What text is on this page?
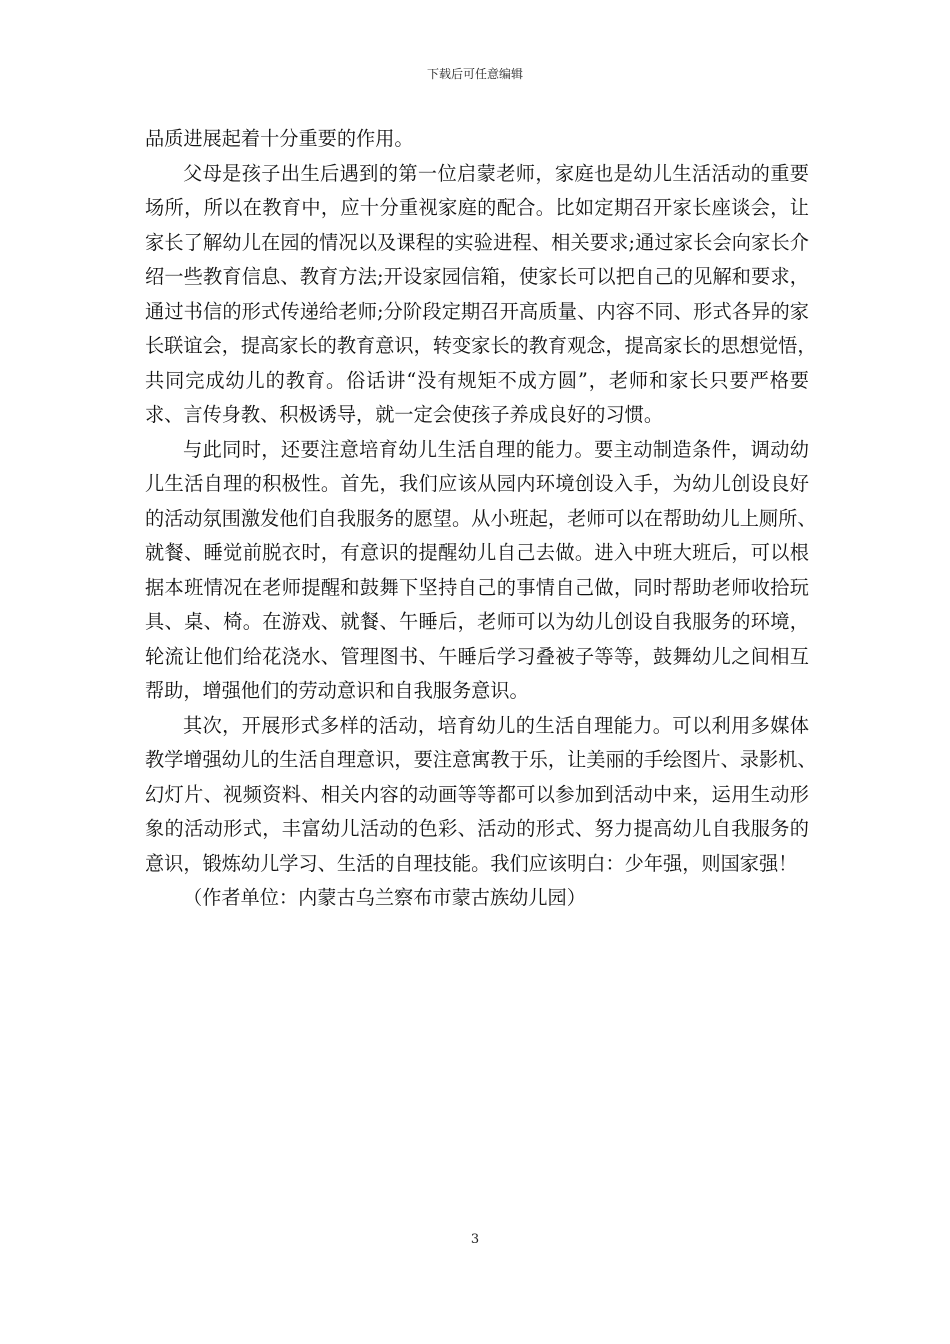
下载后可任意编辑
品质进展起着十分重要的作用。
父母是孩子出生后遇到的第一位启蒙老师，家庭也是幼儿生活活动的重要
场所，所以在教育中，应十分重视家庭的配合。比如定期召开家长座谈会，让
家长了解幼儿在园的情况以及课程的实验进程、相关要求;通过家长会向家长介
绍一些教育信息、教育方法;开设家园信箱，使家长可以把自己的见解和要求，
通过书信的形式传递给老师;分阶段定期召开高质量、内容不同、形式各异的家
长联谊会，提高家长的教育意识，转变家长的教育观念，提高家长的思想觉悟，
共同完成幼儿的教育。俗话讲“没有规矩不成方圆”，老师和家长只要严格要
求、言传身教、积极诱导，就一定会使孩子养成良好的习惯。
与此同时，还要注意培育幼儿生活自理的能力。要主动制造条件，调动幼
儿生活自理的积极性。首先，我们应该从园内环境创设入手，为幼儿创设良好
的活动氛围激发他们自我服务的愿望。从小班起，老师可以在帮助幼儿上厕所、
就餐、睡觉前脱衣时，有意识的提醒幼儿自己去做。进入中班大班后，可以根
据本班情况在老师提醒和鼓舞下坚持自己的事情自己做，同时帮助老师收拾玩
具、桌、椅。在游戏、就餐、午睡后，老师可以为幼儿创设自我服务的环境，
轮流让他们给花浇水、管理图书、午睡后学习叠被子等等，鼓舞幼儿之间相互
帮助，增强他们的劳动意识和自我服务意识。
其次，开展形式多样的活动，培育幼儿的生活自理能力。可以利用多媒体
教学增强幼儿的生活自理意识，要注意寓教于乐，让美丽的手绘图片、录影机、
幻灯片、视频资料、相关内容的动画等等都可以参加到活动中来，运用生动形
象的活动形式，丰富幼儿活动的色彩、活动的形式、努力提高幼儿自我服务的
意识，锻炼幼儿学习、生活的自理技能。我们应该明白：少年强，则国家强！
（作者单位：内蒙古乌兰察布市蒙古族幼儿园）
3
